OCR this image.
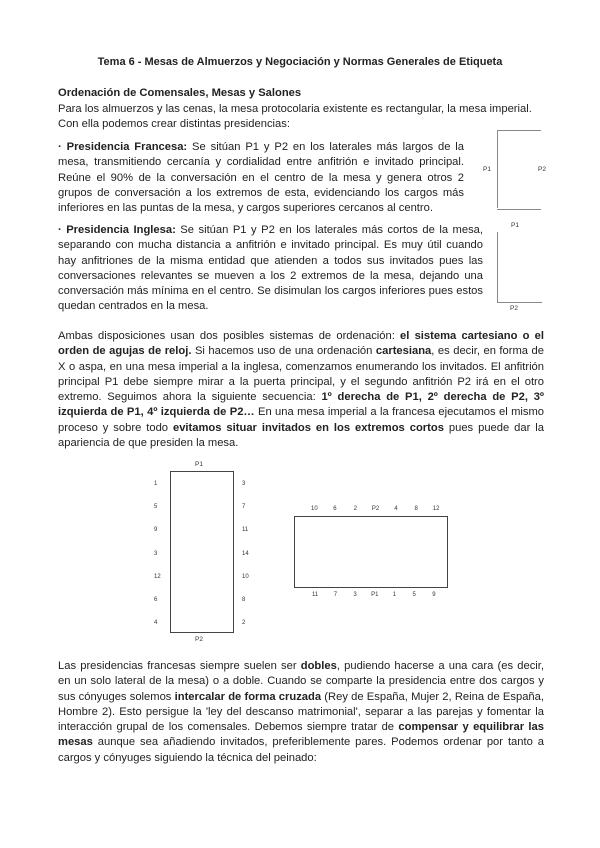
Tema 6 - Mesas de Almuerzos y Negociación y Normas Generales de Etiqueta

Ordenación de Comensales, Mesas y Salones

Para los almuerzos y las cenas, la mesa protocolaria existente es rectangular, la mesa imperial. Con ella podemos crear distintas presidencias:

· Presidencia Francesa: Se sitúan P1 y P2 en los laterales más largos de la mesa, transmitiendo cercanía y cordialidad entre anfitrión e invitado principal. Reúne el 90% de la conversación en el centro de la mesa y genera otros 2 grupos de conversación a los extremos de esta, evidenciando los cargos más inferiores en las puntas de la mesa, y cargos superiores cercanos al centro.

P1	P2

· Presidencia Inglesa: Se sitúan P1 y P2 en los laterales más cortos de la mesa, separando con mucha distancia a anfitrión e invitado principal. Es muy útil cuando hay anfitriones de la misma entidad que atienden a todos sus invitados pues las conversaciones relevantes se mueven a los 2 extremos de la mesa, dejando una conversación más mínima en el centro. Se disimulan los cargos inferiores pues estos quedan centrados en la mesa.

P1
P2

Ambas disposiciones usan dos posibles sistemas de ordenación: el sistema cartesiano o el orden de agujas de reloj. Si hacemos uso de una ordenación cartesiana, es decir, en forma de X o aspa, en una mesa imperial a la inglesa, comenzamos enumerando los invitados. El anfitrión principal P1 debe siempre mirar a la puerta principal, y el segundo anfitrión P2 irá en el otro extremo. Seguimos ahora la siguiente secuencia: 1º derecha de P1, 2º derecha de P2, 3º izquierda de P1, 4º izquierda de P2… En una mesa imperial a la francesa ejecutamos el mismo proceso y sobre todo evitamos situar invitados en los extremos cortos pues puede dar la apariencia de que presiden la mesa.

P1
P2
1
5
9
3
12
6
4
3
7
11
14
10
8
2
10	6	2 P2 4	8 12
11	7	3 P1 1	5	9

Las presidencias francesas siempre suelen ser dobles, pudiendo hacerse a una cara (es decir, en un solo lateral de la mesa) o a doble. Cuando se comparte la presidencia entre dos cargos y sus cónyuges solemos intercalar de forma cruzada (Rey de España, Mujer 2, Reina de España, Hombre 2). Esto persigue la 'ley del descanso matrimonial', separar a las parejas y fomentar la interacción grupal de los comensales. Debemos siempre tratar de compensar y equilibrar las mesas aunque sea añadiendo invitados, preferiblemente pares. Podemos ordenar por tanto a cargos y cónyuges siguiendo la técnica del peinado:
